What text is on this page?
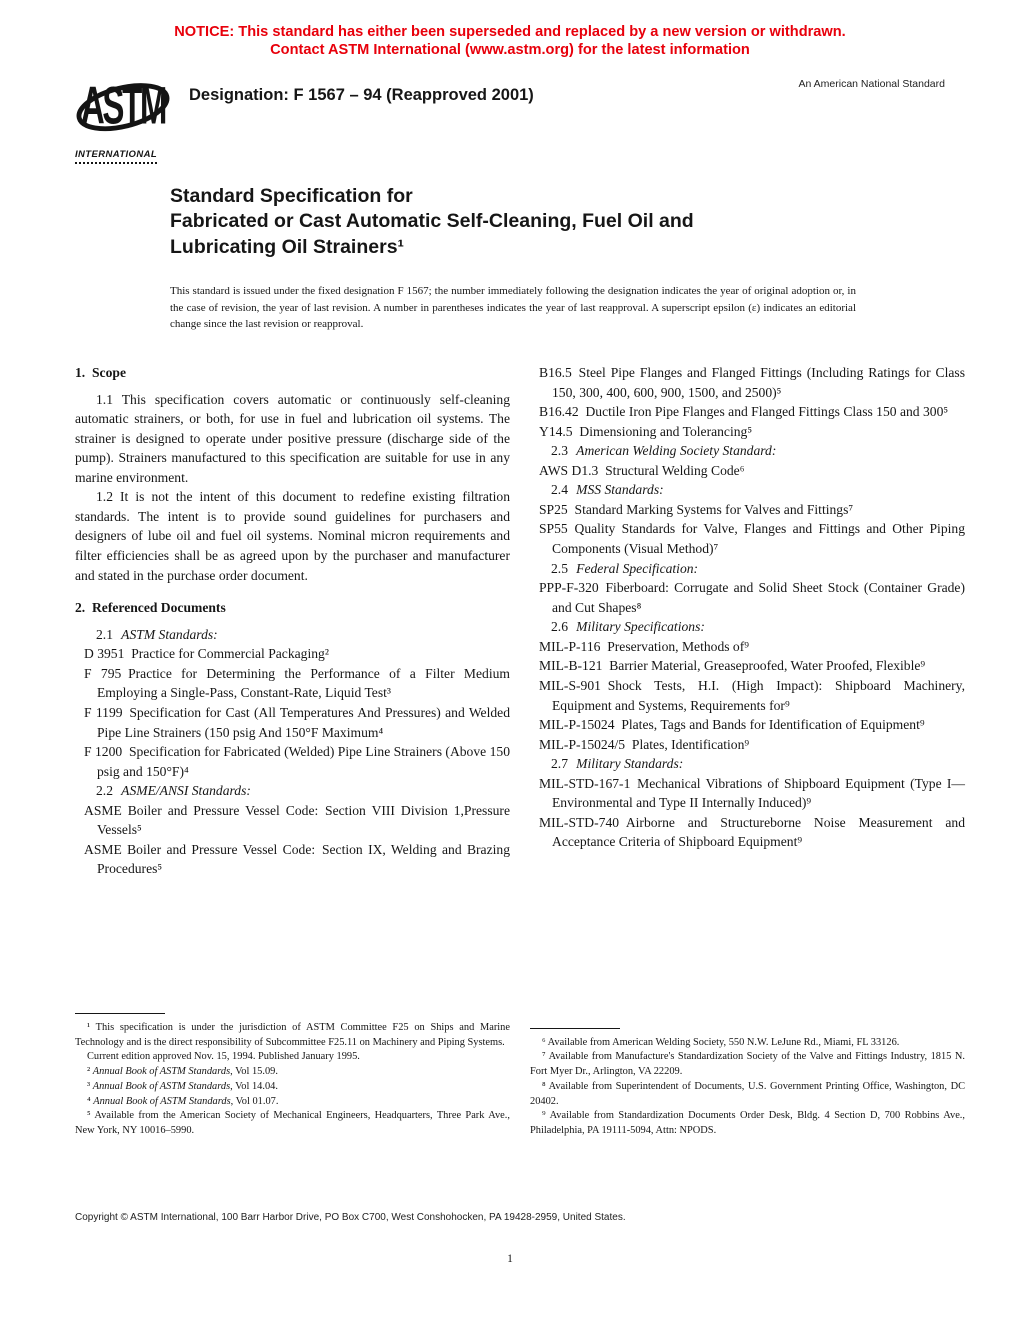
NOTICE: This standard has either been superseded and replaced by a new version or withdrawn.
Contact ASTM International (www.astm.org) for the latest information
ASTM
INTERNATIONAL
Designation: F 1567 – 94 (Reapproved 2001)
An American National Standard
Standard Specification for
Fabricated or Cast Automatic Self-Cleaning, Fuel Oil and
Lubricating Oil Strainers¹

This standard is issued under the fixed designation F 1567; the number immediately following the designation indicates the year of original adoption or, in the case of revision, the year of last revision. A number in parentheses indicates the year of last reapproval. A superscript epsilon (ε) indicates an editorial change since the last revision or reapproval.

1. Scope

1.1 This specification covers automatic or continuously self-cleaning automatic strainers, or both, for use in fuel and lubrication oil systems. The strainer is designed to operate under positive pressure (discharge side of the pump). Strainers manufactured to this specification are suitable for use in any marine environment.

1.2 It is not the intent of this document to redefine existing filtration standards. The intent is to provide sound guidelines for purchasers and designers of lube oil and fuel oil systems. Nominal micron requirements and filter efficiencies shall be as agreed upon by the purchaser and manufacturer and stated in the purchase order document.

2. Referenced Documents

2.1 ASTM Standards:

D 3951 Practice for Commercial Packaging²

F 795 Practice for Determining the Performance of a Filter Medium Employing a Single-Pass, Constant-Rate, Liquid Test³

F 1199 Specification for Cast (All Temperatures And Pressures) and Welded Pipe Line Strainers (150 psig And 150°F Maximum⁴

F 1200 Specification for Fabricated (Welded) Pipe Line Strainers (Above 150 psig and 150°F)⁴

2.2 ASME/ANSI Standards:

ASME Boiler and Pressure Vessel Code: Section VIII Division 1,Pressure Vessels⁵

ASME Boiler and Pressure Vessel Code: Section IX, Welding and Brazing Procedures⁵

¹ This specification is under the jurisdiction of ASTM Committee F25 on Ships and Marine Technology and is the direct responsibility of Subcommittee F25.11 on Machinery and Piping Systems.

Current edition approved Nov. 15, 1994. Published January 1995.

² Annual Book of ASTM Standards, Vol 15.09.

³ Annual Book of ASTM Standards, Vol 14.04.

⁴ Annual Book of ASTM Standards, Vol 01.07.

⁵ Available from the American Society of Mechanical Engineers, Headquarters, Three Park Ave., New York, NY 10016–5990.

B16.5 Steel Pipe Flanges and Flanged Fittings (Including Ratings for Class 150, 300, 400, 600, 900, 1500, and 2500)⁵

B16.42 Ductile Iron Pipe Flanges and Flanged Fittings Class 150 and 300⁵

Y14.5 Dimensioning and Tolerancing⁵

2.3 American Welding Society Standard:

AWS D1.3 Structural Welding Code⁶

2.4 MSS Standards:

SP25 Standard Marking Systems for Valves and Fittings⁷

SP55 Quality Standards for Valve, Flanges and Fittings and Other Piping Components (Visual Method)⁷

2.5 Federal Specification:

PPP-F-320 Fiberboard: Corrugate and Solid Sheet Stock (Container Grade) and Cut Shapes⁸

2.6 Military Specifications:

MIL-P-116 Preservation, Methods of⁹

MIL-B-121 Barrier Material, Greaseproofed, Water Proofed, Flexible⁹

MIL-S-901 Shock Tests, H.I. (High Impact): Shipboard Machinery, Equipment and Systems, Requirements for⁹

MIL-P-15024 Plates, Tags and Bands for Identification of Equipment⁹

MIL-P-15024/5 Plates, Identification⁹

2.7 Military Standards:

MIL-STD-167-1 Mechanical Vibrations of Shipboard Equipment (Type I—Environmental and Type II Internally Induced)⁹

MIL-STD-740 Airborne and Structureborne Noise Measurement and Acceptance Criteria of Shipboard Equipment⁹

⁶ Available from American Welding Society, 550 N.W. LeJune Rd., Miami, FL 33126.

⁷ Available from Manufacture's Standardization Society of the Valve and Fittings Industry, 1815 N. Fort Myer Dr., Arlington, VA 22209.

⁸ Available from Superintendent of Documents, U.S. Government Printing Office, Washington, DC 20402.

⁹ Available from Standardization Documents Order Desk, Bldg. 4 Section D, 700 Robbins Ave., Philadelphia, PA 19111-5094, Attn: NPODS.

Copyright © ASTM International, 100 Barr Harbor Drive, PO Box C700, West Conshohocken, PA 19428-2959, United States.
1
